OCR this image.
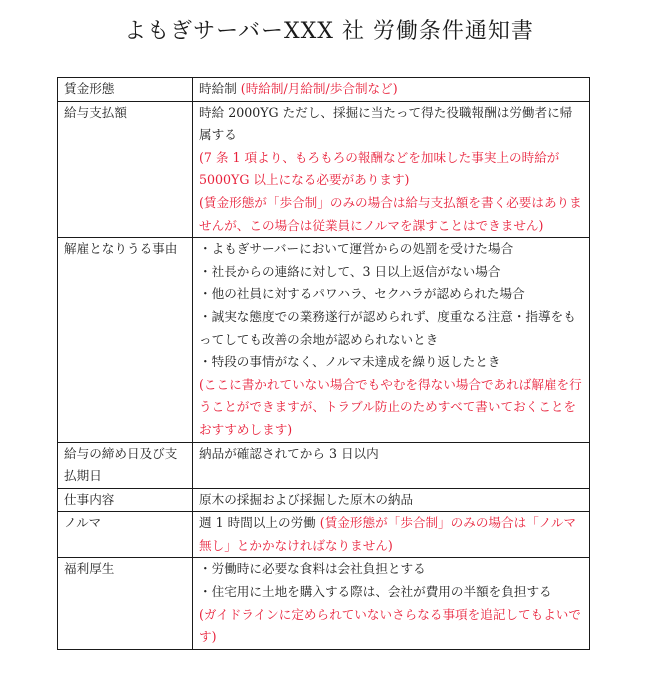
よもぎサーバーXXX 社 労働条件通知書
賃金形態	時給制 (時給制/月給制/歩合制など)
給与支払額	時給 2000YG ただし、採掘に当たって得た役職報酬は労働者に帰属する
(7 条 1 項より、もろもろの報酬などを加味した事実上の時給が5000YG 以上になる必要があります)
(賃金形態が「歩合制」のみの場合は給与支払額を書く必要はありませんが、この場合は従業員にノルマを課すことはできません)

解雇となりうる事由	・よもぎサーバーにおいて運営からの処罰を受けた場合
・社長からの連絡に対して、3 日以上返信がない場合
・他の社員に対するパワハラ、セクハラが認められた場合
・誠実な態度での業務遂行が認められず、度重なる注意・指導をもってしても改善の余地が認められないとき
・特段の事情がなく、ノルマ未達成を繰り返したとき
(ここに書かれていない場合でもやむを得ない場合であれば解雇を行うことができますが、トラブル防止のためすべて書いておくことをおすすめします)

給与の締め日及び支払期日	納品が確認されてから 3 日以内
仕事内容	原木の採掘および採掘した原木の納品
ノルマ	週 1 時間以上の労働 (賃金形態が「歩合制」のみの場合は「ノルマ無し」とかかなければなりません)
福利厚生	・労働時に必要な食料は会社負担とする
・住宅用に土地を購入する際は、会社が費用の半額を負担する
(ガイドラインに定められていないさらなる事項を追記してもよいです)
